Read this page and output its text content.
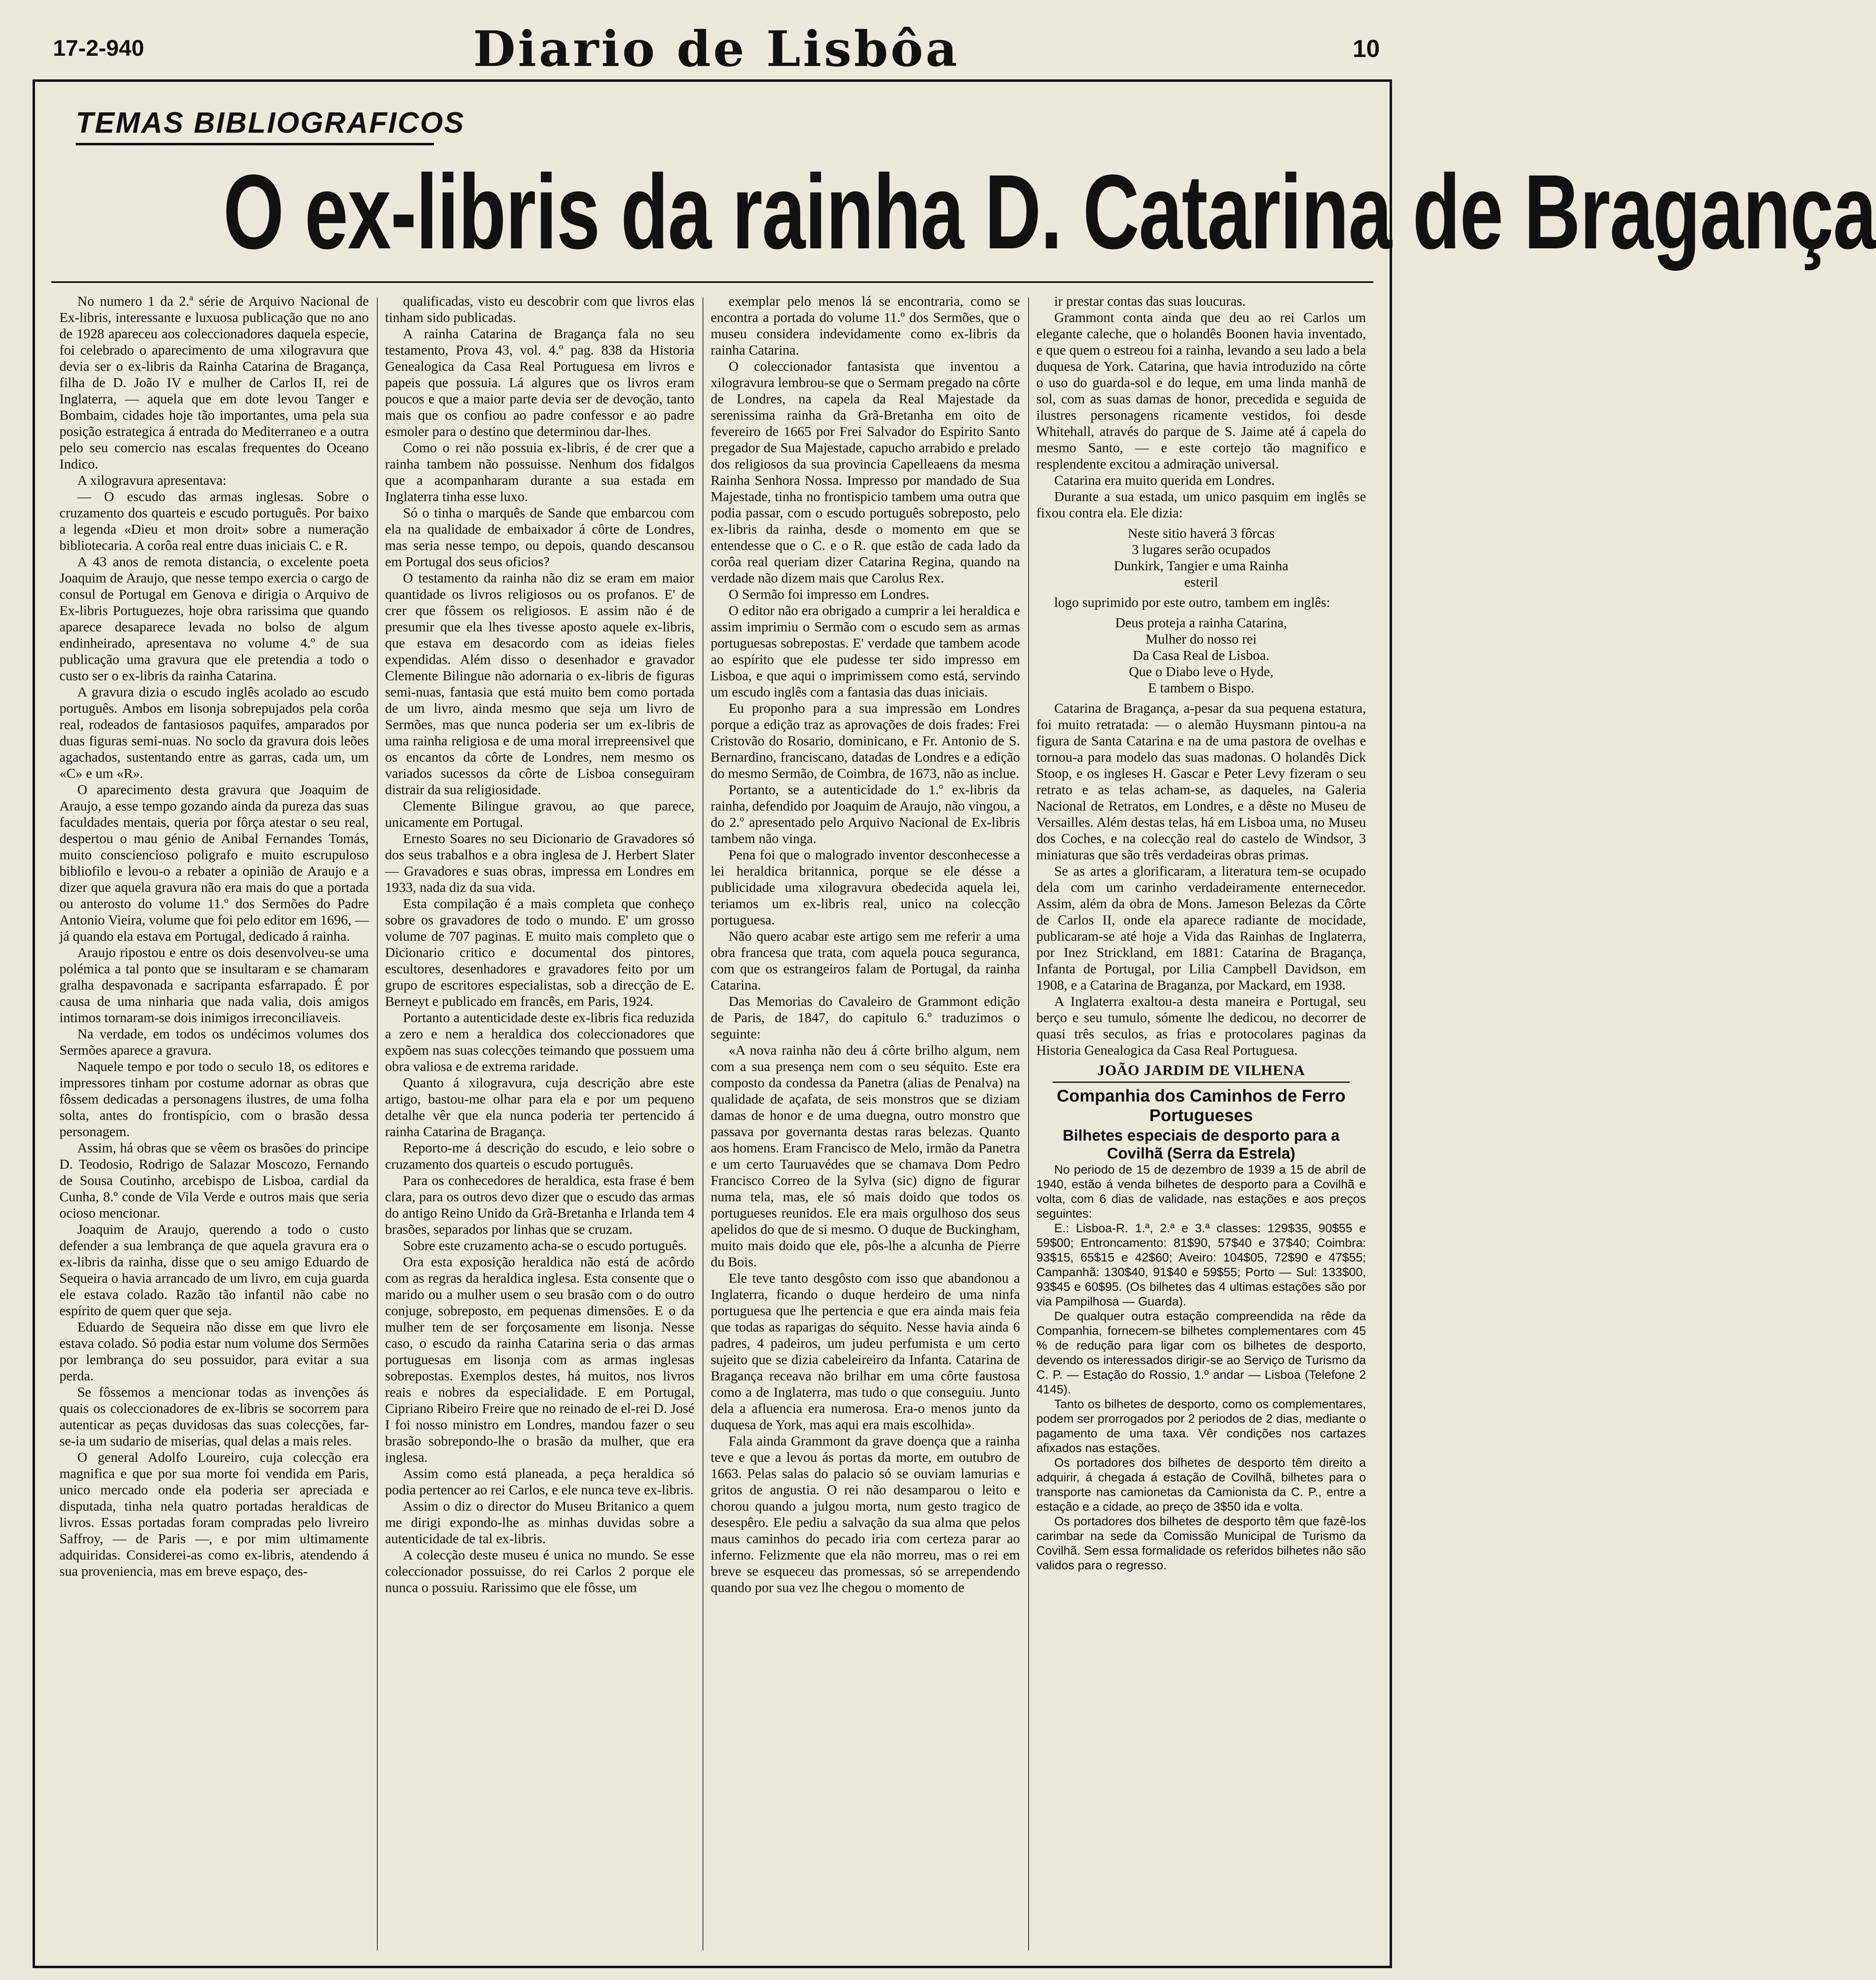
17-2-940	Diario de Lisbôa	10
TEMAS BIBLIOGRAFICOS
O ex-libris da rainha D. Catarina de Bragança

No numero 1 da 2.ª série de Arquivo Nacional de Ex-libris, interessante e luxuosa publicação que no ano de 1928 apareceu aos coleccionadores daquela especie, foi celebrado o aparecimento de uma xilogravura que devia ser o ex-libris da Rainha Catarina de Bragança, filha de D. João IV e mulher de Carlos II, rei de Inglaterra, — aquela que em dote levou Tanger e Bombaim, cidades hoje tão importantes, uma pela sua posição estrategica á entrada do Mediterraneo e a outra pelo seu comercio nas escalas frequentes do Oceano Indico.

A xilogravura apresentava:

— O escudo das armas inglesas. Sobre o cruzamento dos quarteis e escudo português. Por baixo a legenda «Dieu et mon droit» sobre a numeração bibliotecaria. A corôa real entre duas iniciais C. e R.

A 43 anos de remota distancia, o excelente poeta Joaquim de Araujo, que nesse tempo exercia o cargo de consul de Portugal em Genova e dirigia o Arquivo de Ex-libris Portuguezes, hoje obra rarissima que quando aparece desaparece levada no bolso de algum endinheirado, apresentava no volume 4.º de sua publicação uma gravura que ele pretendia a todo o custo ser o ex-libris da rainha Catarina.

A gravura dizia o escudo inglês acolado ao escudo português. Ambos em lisonja sobrepujados pela corôa real, rodeados de fantasiosos paquifes, amparados por duas figuras semi-nuas. No soclo da gravura dois leões agachados, sustentando entre as garras, cada um, um «C» e um «R».

O aparecimento desta gravura que Joaquim de Araujo, a esse tempo gozando ainda da pureza das suas faculdades mentais, queria por fôrça atestar o seu real, despertou o mau génio de Anibal Fernandes Tomás, muito consciencioso poligrafo e muito escrupuloso bibliofilo e levou-o a rebater a opinião de Araujo e a dizer que aquela gravura não era mais do que a portada ou anterosto do volume 11.º dos Sermões do Padre Antonio Vieira, volume que foi pelo editor em 1696, — já quando ela estava em Portugal, dedicado á rainha.

Araujo ripostou e entre os dois desenvolveu-se uma polémica a tal ponto que se insultaram e se chamaram gralha despavonada e sacripanta esfarrapado. É por causa de uma ninharia que nada valia, dois amigos intimos tornaram-se dois inimigos irreconciliaveis.

Na verdade, em todos os undécimos volumes dos Sermões aparece a gravura.

Naquele tempo e por todo o seculo 18, os editores e impressores tinham por costume adornar as obras que fôssem dedicadas a personagens ilustres, de uma folha solta, antes do frontispício, com o brasão dessa personagem.

Assim, há obras que se vêem os brasões do principe D. Teodosio, Rodrigo de Salazar Moscozo, Fernando de Sousa Coutinho, arcebispo de Lisboa, cardial da Cunha, 8.º conde de Vila Verde e outros mais que seria ocioso mencionar.

Joaquim de Araujo, querendo a todo o custo defender a sua lembrança de que aquela gravura era o ex-libris da rainha, disse que o seu amigo Eduardo de Sequeira o havia arrancado de um livro, em cuja guarda ele estava colado. Razão tão infantil não cabe no espírito de quem quer que seja.

Eduardo de Sequeira não disse em que livro ele estava colado. Só podia estar num volume dos Sermões por lembrança do seu possuidor, para evitar a sua perda.

Se fôssemos a mencionar todas as invenções ás quais os coleccionadores de ex-libris se socorrem para autenticar as peças duvidosas das suas colecções, far-se-ia um sudario de miserias, qual delas a mais reles.

O general Adolfo Loureiro, cuja colecção era magnifica e que por sua morte foi vendida em Paris, unico mercado onde ela poderia ser apreciada e disputada, tinha nela quatro portadas heraldicas de livros. Essas portadas foram compradas pelo livreiro Saffroy, — de Paris —, e por mim ultimamente adquiridas. Considerei-as como ex-libris, atendendo á sua proveniencia, mas em breve espaço, des-

qualificadas, visto eu descobrir com que livros elas tinham sido publicadas.

A rainha Catarina de Bragança fala no seu testamento, Prova 43, vol. 4.º pag. 838 da Historia Genealogica da Casa Real Portuguesa em livros e papeis que possuia. Lá algures que os livros eram poucos e que a maior parte devia ser de devoção, tanto mais que os confiou ao padre confessor e ao padre esmoler para o destino que determinou dar-lhes.

Como o rei não possuia ex-libris, é de crer que a rainha tambem não possuisse. Nenhum dos fidalgos que a acompanharam durante a sua estada em Inglaterra tinha esse luxo.

Só o tinha o marquês de Sande que embarcou com ela na qualidade de embaixador á côrte de Londres, mas seria nesse tempo, ou depois, quando descansou em Portugal dos seus oficios?

O testamento da rainha não diz se eram em maior quantidade os livros religiosos ou os profanos. E' de crer que fôssem os religiosos. E assim não é de presumir que ela lhes tivesse aposto aquele ex-libris, que estava em desacordo com as ideias fieles expendidas. Além disso o desenhador e gravador Clemente Bilingue não adornaria o ex-libris de figuras semi-nuas, fantasia que está muito bem como portada de um livro, ainda mesmo que seja um livro de Sermões, mas que nunca poderia ser um ex-libris de uma rainha religiosa e de uma moral irrepreensivel que os encantos da côrte de Londres, nem mesmo os variados sucessos da côrte de Lisboa conseguiram distrair da sua religiosidade.

Clemente Bilingue gravou, ao que parece, unicamente em Portugal.

Ernesto Soares no seu Dicionario de Gravadores só dos seus trabalhos e a obra inglesa de J. Herbert Slater — Gravadores e suas obras, impressa em Londres em 1933, nada diz da sua vida.

Esta compilação é a mais completa que conheço sobre os gravadores de todo o mundo. E' um grosso volume de 707 paginas. E muito mais completo que o Dicionario critico e documental dos pintores, escultores, desenhadores e gravadores feito por um grupo de escritores especialistas, sob a direcção de E. Berneyt e publicado em francês, em Paris, 1924.

Portanto a autenticidade deste ex-libris fica reduzida a zero e nem a heraldica dos coleccionadores que expõem nas suas colecções teimando que possuem uma obra valiosa e de extrema raridade.

Quanto á xilogravura, cuja descrição abre este artigo, bastou-me olhar para ela e por um pequeno detalhe vêr que ela nunca poderia ter pertencido á rainha Catarina de Bragança.

Reporto-me á descrição do escudo, e leio sobre o cruzamento dos quarteis o escudo português.

Para os conhecedores de heraldica, esta frase é bem clara, para os outros devo dizer que o escudo das armas do antigo Reino Unido da Grã-Bretanha e Irlanda tem 4 brasões, separados por linhas que se cruzam.

Sobre este cruzamento acha-se o escudo português.

Ora esta exposição heraldica não está de acôrdo com as regras da heraldica inglesa. Esta consente que o marido ou a mulher usem o seu brasão com o do outro conjuge, sobreposto, em pequenas dimensões. E o da mulher tem de ser forçosamente em lisonja. Nesse caso, o escudo da rainha Catarina seria o das armas portuguesas em lisonja com as armas inglesas sobrepostas. Exemplos destes, há muitos, nos livros reais e nobres da especialidade. E em Portugal, Cipriano Ribeiro Freire que no reinado de el-rei D. José I foi nosso ministro em Londres, mandou fazer o seu brasão sobrepondo-lhe o brasão da mulher, que era inglesa.

Assim como está planeada, a peça heraldica só podia pertencer ao rei Carlos, e ele nunca teve ex-libris.

Assim o diz o director do Museu Britanico a quem me dirigi expondo-lhe as minhas duvidas sobre a autenticidade de tal ex-libris.

A colecção deste museu é unica no mundo. Se esse coleccionador possuisse, do rei Carlos 2 porque ele nunca o possuiu. Rarissimo que ele fôsse, um

exemplar pelo menos lá se encontraria, como se encontra a portada do volume 11.º dos Sermões, que o museu considera indevidamente como ex-libris da rainha Catarina.

O coleccionador fantasista que inventou a xilogravura lembrou-se que o Sermam pregado na côrte de Londres, na capela da Real Majestade da serenissima rainha da Grã-Bretanha em oito de fevereiro de 1665 por Frei Salvador do Espirito Santo pregador de Sua Majestade, capucho arrabido e prelado dos religiosos da sua provincia Capelleaens da mesma Rainha Senhora Nossa. Impresso por mandado de Sua Majestade, tinha no frontispicio tambem uma outra que podia passar, com o escudo português sobreposto, pelo ex-libris da rainha, desde o momento em que se entendesse que o C. e o R. que estão de cada lado da corôa real queriam dizer Catarina Regina, quando na verdade não dizem mais que Carolus Rex.

O Sermão foi impresso em Londres.

O editor não era obrigado a cumprir a lei heraldica e assim imprimiu o Sermão com o escudo sem as armas portuguesas sobrepostas. E' verdade que tambem acode ao espírito que ele pudesse ter sido impresso em Lisboa, e que aqui o imprimissem como está, servindo um escudo inglês com a fantasia das duas iniciais.

Eu proponho para a sua impressão em Londres porque a edição traz as aprovações de dois frades: Frei Cristovão do Rosario, dominicano, e Fr. Antonio de S. Bernardino, franciscano, datadas de Londres e a edição do mesmo Sermão, de Coimbra, de 1673, não as inclue.

Portanto, se a autenticidade do 1.º ex-libris da rainha, defendido por Joaquim de Araujo, não vingou, a do 2.º apresentado pelo Arquivo Nacional de Ex-libris tambem não vinga.

Pena foi que o malogrado inventor desconhecesse a lei heraldica britannica, porque se ele désse a publicidade uma xilogravura obedecida aquela lei, teriamos um ex-libris real, unico na colecção portuguesa.

Não quero acabar este artigo sem me referir a uma obra francesa que trata, com aquela pouca seguranca, com que os estrangeiros falam de Portugal, da rainha Catarina.

Das Memorias do Cavaleiro de Grammont edição de Paris, de 1847, do capitulo 6.º traduzimos o seguinte:

«A nova rainha não deu á côrte brilho algum, nem com a sua presença nem com o seu séquito. Este era composto da condessa da Panetra (alias de Penalva) na qualidade de açafata, de seis monstros que se diziam damas de honor e de uma duegna, outro monstro que passava por governanta destas raras belezas. Quanto aos homens. Eram Francisco de Melo, irmão da Panetra e um certo Tauruavédes que se chamava Dom Pedro Francisco Correo de la Sylva (sic) digno de figurar numa tela, mas, ele só mais doido que todos os portugueses reunidos. Ele era mais orgulhoso dos seus apelidos do que de si mesmo. O duque de Buckingham, muito mais doido que ele, pôs-lhe a alcunha de Pierre du Bois.

Ele teve tanto desgôsto com isso que abandonou a Inglaterra, ficando o duque herdeiro de uma ninfa portuguesa que lhe pertencia e que era ainda mais feia que todas as raparigas do séquito. Nesse havia ainda 6 padres, 4 padeiros, um judeu perfumista e um certo sujeito que se dizia cabeleireiro da Infanta. Catarina de Bragança receava não brilhar em uma côrte faustosa como a de Inglaterra, mas tudo o que conseguiu. Junto dela a afluencia era numerosa. Era-o menos junto da duquesa de York, mas aqui era mais escolhida».

Fala ainda Grammont da grave doença que a rainha teve e que a levou ás portas da morte, em outubro de 1663. Pelas salas do palacio só se ouviam lamurias e gritos de angustia. O rei não desamparou o leito e chorou quando a julgou morta, num gesto tragico de desespêro. Ele pediu a salvação da sua alma que pelos maus caminhos do pecado iria com certeza parar ao inferno. Felizmente que ela não morreu, mas o rei em breve se esqueceu das promessas, só se arrependendo quando por sua vez lhe chegou o momento de

ir prestar contas das suas loucuras.

Grammont conta ainda que deu ao rei Carlos um elegante caleche, que o holandês Boonen havia inventado, e que quem o estreou foi a rainha, levando a seu lado a bela duquesa de York. Catarina, que havia introduzido na côrte o uso do guarda-sol e do leque, em uma linda manhã de sol, com as suas damas de honor, precedida e seguida de ilustres personagens ricamente vestidos, foi desde Whitehall, através do parque de S. Jaime até á capela do mesmo Santo, — e este cortejo tão magnifico e resplendente excitou a admiração universal.

Catarina era muito querida em Londres.

Durante a sua estada, um unico pasquim em inglês se fixou contra ela. Ele dizia:

Neste sitio haverá 3 fôrcas
3 lugares serão ocupados
Dunkirk, Tangier e uma Rainha
esteril

logo suprimido por este outro, tambem em inglês:

Deus proteja a rainha Catarina,
Mulher do nosso rei
Da Casa Real de Lisboa.
Que o Diabo leve o Hyde,
E tambem o Bispo.

Catarina de Bragança, a-pesar da sua pequena estatura, foi muito retratada: — o alemão Huysmann pintou-a na figura de Santa Catarina e na de uma pastora de ovelhas e tornou-a para modelo das suas madonas. O holandês Dick Stoop, e os ingleses H. Gascar e Peter Levy fizeram o seu retrato e as telas acham-se, as daqueles, na Galeria Nacional de Retratos, em Londres, e a dêste no Museu de Versailles. Além destas telas, há em Lisboa uma, no Museu dos Coches, e na colecção real do castelo de Windsor, 3 miniaturas que são três verdadeiras obras primas.

Se as artes a glorificaram, a literatura tem-se ocupado dela com um carinho verdadeiramente enternecedor. Assim, além da obra de Mons. Jameson Belezas da Côrte de Carlos II, onde ela aparece radiante de mocidade, publicaram-se até hoje a Vida das Rainhas de Inglaterra, por Inez Strickland, em 1881: Catarina de Bragança, Infanta de Portugal, por Lilia Campbell Davidson, em 1908, e a Catarina de Braganza, por Mackard, em 1938.

A Inglaterra exaltou-a desta maneira e Portugal, seu berço e seu tumulo, sómente lhe dedicou, no decorrer de quasi três seculos, as frias e protocolares paginas da Historia Genealogica da Casa Real Portuguesa.

JOÃO JARDIM DE VILHENA
Companhia dos Caminhos de Ferro Portugueses
Bilhetes especiais de desporto para a Covilhã (Serra da Estrela)

No periodo de 15 de dezembro de 1939 a 15 de abril de 1940, estão á venda bilhetes de desporto para a Covilhã e volta, com 6 dias de validade, nas estações e aos preços seguintes:

E.: Lisboa-R. 1.ª, 2.ª e 3.ª classes: 129$35, 90$55 e 59$00; Entroncamento: 81$90, 57$40 e 37$40; Coimbra: 93$15, 65$15 e 42$60; Aveiro: 104$05, 72$90 e 47$55; Campanhã: 130$40, 91$40 e 59$55; Porto — Sul: 133$00, 93$45 e 60$95. (Os bilhetes das 4 ultimas estações são por via Pampilhosa — Guarda).

De qualquer outra estação compreendida na rêde da Companhia, fornecem-se bilhetes complementares com 45 % de redução para ligar com os bilhetes de desporto, devendo os interessados dirigir-se ao Serviço de Turismo da C. P. — Estação do Rossio, 1.º andar — Lisboa (Telefone 2 4145).

Tanto os bilhetes de desporto, como os complementares, podem ser prorrogados por 2 periodos de 2 dias, mediante o pagamento de uma taxa. Vêr condições nos cartazes afixados nas estações.

Os portadores dos bilhetes de desporto têm direito a adquirir, á chegada á estação de Covilhã, bilhetes para o transporte nas camionetas da Camionista da C. P., entre a estação e a cidade, ao preço de 3$50 ida e volta.

Os portadores dos bilhetes de desporto têm que fazê-los carimbar na sede da Comissão Municipal de Turismo da Covilhã. Sem essa formalidade os referidos bilhetes não são validos para o regresso.
